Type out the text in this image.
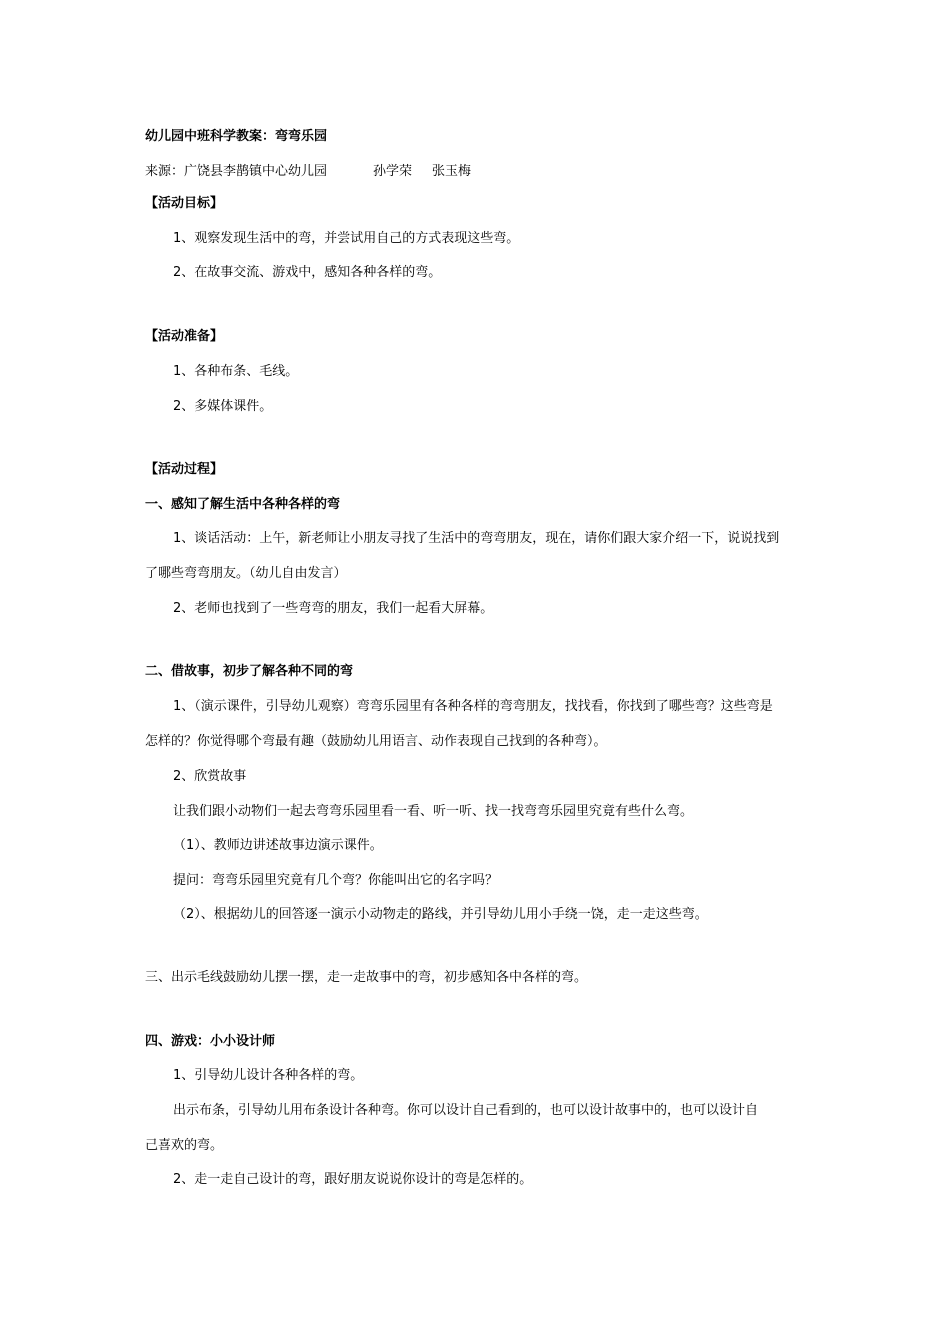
幼儿园中班科学教案：弯弯乐园
来源：广饶县李鹊镇中心幼儿园	孙学荣 张玉梅
【活动目标】
1、观察发现生活中的弯，并尝试用自己的方式表现这些弯。
2、在故事交流、游戏中，感知各种各样的弯。
【活动准备】
1、各种布条、毛线。
2、多媒体课件。
【活动过程】
一、感知了解生活中各种各样的弯
1、谈话活动：上午，新老师让小朋友寻找了生活中的弯弯朋友，现在，请你们跟大家介绍一下，说说找到
了哪些弯弯朋友。（幼儿自由发言）
2、老师也找到了一些弯弯的朋友，我们一起看大屏幕。
二、借故事，初步了解各种不同的弯
1、（演示课件，引导幼儿观察）弯弯乐园里有各种各样的弯弯朋友，找找看，你找到了哪些弯？这些弯是
怎样的？你觉得哪个弯最有趣（鼓励幼儿用语言、动作表现自己找到的各种弯）。
2、欣赏故事
让我们跟小动物们一起去弯弯乐园里看一看、听一听、找一找弯弯乐园里究竟有些什么弯。
（1）、教师边讲述故事边演示课件。
提问：弯弯乐园里究竟有几个弯？你能叫出它的名字吗？
（2）、根据幼儿的回答逐一演示小动物走的路线，并引导幼儿用小手绕一饶，走一走这些弯。
三、出示毛线鼓励幼儿摆一摆，走一走故事中的弯，初步感知各中各样的弯。
四、游戏：小小设计师
1、引导幼儿设计各种各样的弯。
出示布条，引导幼儿用布条设计各种弯。你可以设计自己看到的，也可以设计故事中的，也可以设计自
己喜欢的弯。
2、走一走自己设计的弯，跟好朋友说说你设计的弯是怎样的。
